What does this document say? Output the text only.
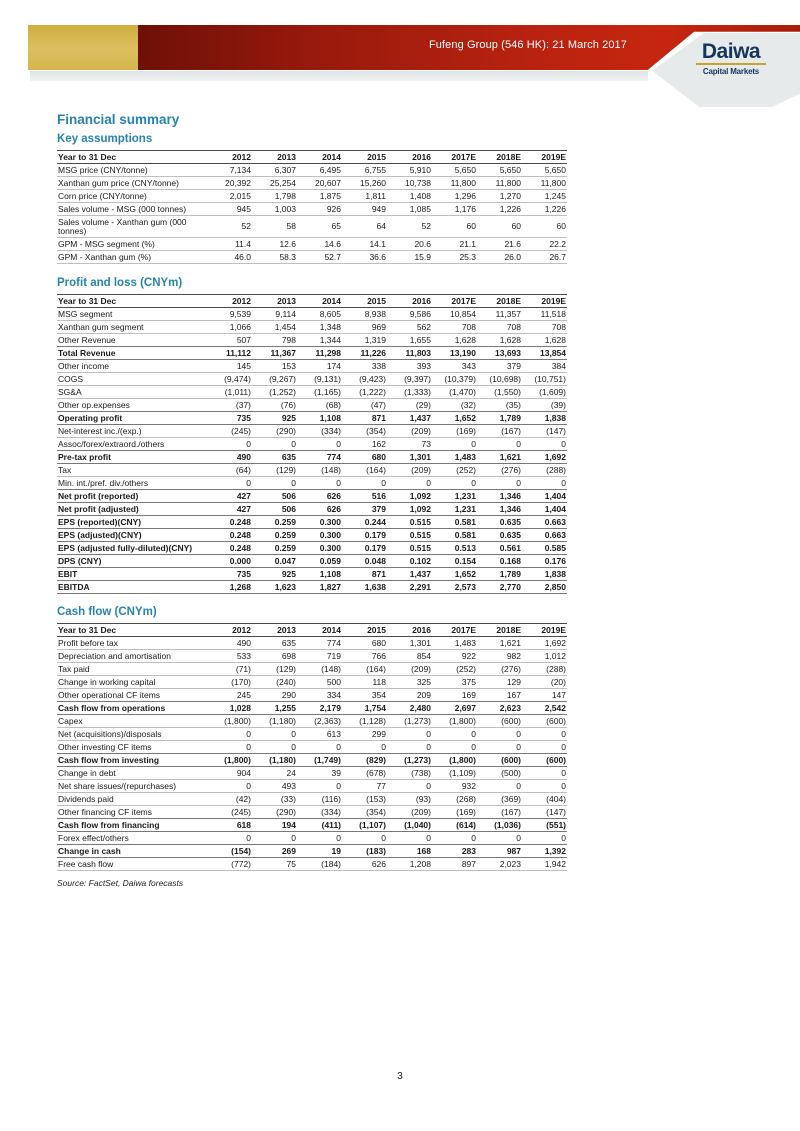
Fufeng Group (546 HK): 21 March 2017	Daiwa
Capital Markets
Financial summary
Key assumptions
Year to 31 Dec	2012	2013	2014	2015	2016	2017E	2018E	2019E
MSG price (CNY/tonne)	7,134	6,307	6,495	6,755	5,910	5,650	5,650	5,650
Xanthan gum price (CNY/tonne)	20,392	25,254	20,607	15,260	10,738	11,800	11,800	11,800
Corn price (CNY/tonne)	2,015	1,798	1,875	1,811	1,408	1,296	1,270	1,245
Sales volume - MSG (000 tonnes)	945	1,003	926	949	1,085	1,176	1,226	1,226
Sales volume - Xanthan gum (000 tonnes)	52	58	65	64	52	60	60	60
GPM - MSG segment (%)	11.4	12.6	14.6	14.1	20.6	21.1	21.6	22.2
GPM - Xanthan gum (%)	46.0	58.3	52.7	36.6	15.9	25.3	26.0	26.7
Profit and loss (CNYm)
Year to 31 Dec	2012	2013	2014	2015	2016	2017E	2018E	2019E
MSG segment	9,539	9,114	8,605	8,938	9,586	10,854	11,357	11,518
Xanthan gum segment	1,066	1,454	1,348	969	562	708	708	708
Other Revenue	507	798	1,344	1,319	1,655	1,628	1,628	1,628
Total Revenue	11,112	11,367	11,298	11,226	11,803	13,190	13,693	13,854
Other income	145	153	174	338	393	343	379	384
COGS	(9,474)	(9,267)	(9,131)	(9,423)	(9,397)	(10,379)	(10,698)	(10,751)
SG&A	(1,011)	(1,252)	(1,165)	(1,222)	(1,333)	(1,470)	(1,550)	(1,609)
Other op.expenses	(37)	(76)	(68)	(47)	(29)	(32)	(35)	(39)
Operating profit	735	925	1,108	871	1,437	1,652	1,789	1,838
Net-interest inc./(exp.)	(245)	(290)	(334)	(354)	(209)	(169)	(167)	(147)
Assoc/forex/extraord./others	0	0	0	162	73	0	0	0
Pre-tax profit	490	635	774	680	1,301	1,483	1,621	1,692
Tax	(64)	(129)	(148)	(164)	(209)	(252)	(276)	(288)
Min. int./pref. div./others	0	0	0	0	0	0	0	0
Net profit (reported)	427	506	626	516	1,092	1,231	1,346	1,404
Net profit (adjusted)	427	506	626	379	1,092	1,231	1,346	1,404
EPS (reported)(CNY)	0.248	0.259	0.300	0.244	0.515	0.581	0.635	0.663
EPS (adjusted)(CNY)	0.248	0.259	0.300	0.179	0.515	0.581	0.635	0.663
EPS (adjusted fully-diluted)(CNY)	0.248	0.259	0.300	0.179	0.515	0.513	0.561	0.585
DPS (CNY)	0.000	0.047	0.059	0.048	0.102	0.154	0.168	0.176
EBIT	735	925	1,108	871	1,437	1,652	1,789	1,838
EBITDA	1,268	1,623	1,827	1,638	2,291	2,573	2,770	2,850
Cash flow (CNYm)
Year to 31 Dec	2012	2013	2014	2015	2016	2017E	2018E	2019E
Profit before tax	490	635	774	680	1,301	1,483	1,621	1,692
Depreciation and amortisation	533	698	719	766	854	922	982	1,012
Tax paid	(71)	(129)	(148)	(164)	(209)	(252)	(276)	(288)
Change in working capital	(170)	(240)	500	118	325	375	129	(20)
Other operational CF items	245	290	334	354	209	169	167	147
Cash flow from operations	1,028	1,255	2,179	1,754	2,480	2,697	2,623	2,542
Capex	(1,800)	(1,180)	(2,363)	(1,128)	(1,273)	(1,800)	(600)	(600)
Net (acquisitions)/disposals	0	0	613	299	0	0	0	0
Other investing CF items	0	0	0	0	0	0	0	0
Cash flow from investing	(1,800)	(1,180)	(1,749)	(829)	(1,273)	(1,800)	(600)	(600)
Change in debt	904	24	39	(678)	(738)	(1,109)	(500)	0
Net share issues/(repurchases)	0	493	0	77	0	932	0	0
Dividends paid	(42)	(33)	(116)	(153)	(93)	(268)	(369)	(404)
Other financing CF items	(245)	(290)	(334)	(354)	(209)	(169)	(167)	(147)
Cash flow from financing	618	194	(411)	(1,107)	(1,040)	(614)	(1,036)	(551)
Forex effect/others	0	0	0	0	0	0	0	0
Change in cash	(154)	269	19	(183)	168	283	987	1,392
Free cash flow	(772)	75	(184)	626	1,208	897	2,023	1,942
Source: FactSet, Daiwa forecasts
3
